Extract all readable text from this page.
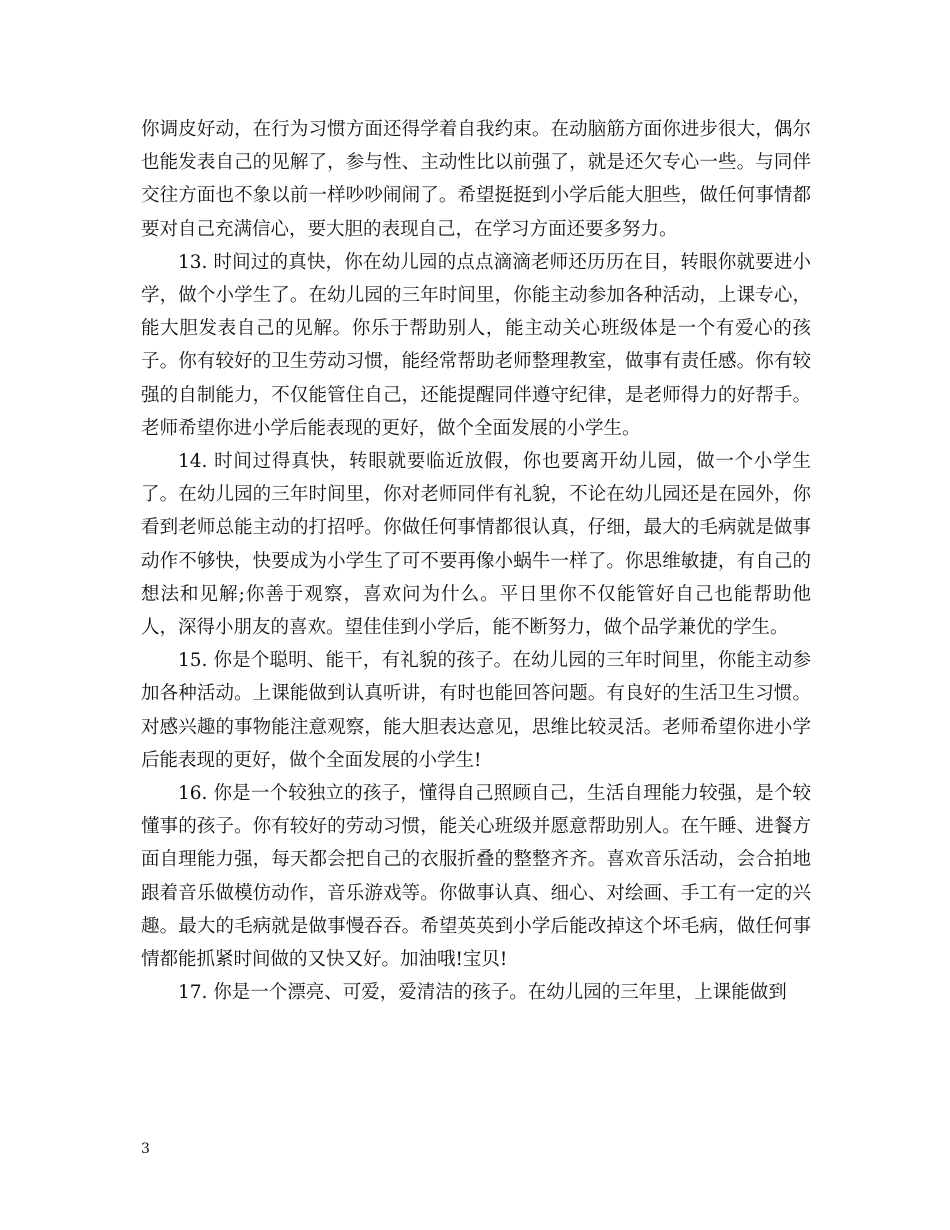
你调皮好动，在行为习惯方面还得学着自我约束。在动脑筋方面你进步很大，偶尔也能发表自己的见解了，参与性、主动性比以前强了，就是还欠专心一些。与同伴交往方面也不象以前一样吵吵闹闹了。希望挺挺到小学后能大胆些，做任何事情都要对自己充满信心，要大胆的表现自己，在学习方面还要多努力。

13. 时间过的真快，你在幼儿园的点点滴滴老师还历历在目，转眼你就要进小学，做个小学生了。在幼儿园的三年时间里，你能主动参加各种活动，上课专心，能大胆发表自己的见解。你乐于帮助别人，能主动关心班级体是一个有爱心的孩子。你有较好的卫生劳动习惯，能经常帮助老师整理教室，做事有责任感。你有较强的自制能力，不仅能管住自己，还能提醒同伴遵守纪律，是老师得力的好帮手。老师希望你进小学后能表现的更好，做个全面发展的小学生。

14. 时间过得真快，转眼就要临近放假，你也要离开幼儿园，做一个小学生了。在幼儿园的三年时间里，你对老师同伴有礼貌，不论在幼儿园还是在园外，你看到老师总能主动的打招呼。你做任何事情都很认真，仔细，最大的毛病就是做事动作不够快，快要成为小学生了可不要再像小蜗牛一样了。你思维敏捷，有自己的想法和见解;你善于观察，喜欢问为什么。平日里你不仅能管好自己也能帮助他人，深得小朋友的喜欢。望佳佳到小学后，能不断努力，做个品学兼优的学生。

15. 你是个聪明、能干，有礼貌的孩子。在幼儿园的三年时间里，你能主动参加各种活动。上课能做到认真听讲，有时也能回答问题。有良好的生活卫生习惯。对感兴趣的事物能注意观察，能大胆表达意见，思维比较灵活。老师希望你进小学后能表现的更好，做个全面发展的小学生!

16. 你是一个较独立的孩子，懂得自己照顾自己，生活自理能力较强，是个较懂事的孩子。你有较好的劳动习惯，能关心班级并愿意帮助别人。在午睡、进餐方面自理能力强，每天都会把自己的衣服折叠的整整齐齐。喜欢音乐活动，会合拍地跟着音乐做模仿动作，音乐游戏等。你做事认真、细心、对绘画、手工有一定的兴趣。最大的毛病就是做事慢吞吞。希望英英到小学后能改掉这个坏毛病，做任何事情都能抓紧时间做的又快又好。加油哦!宝贝!

17. 你是一个漂亮、可爱，爱清洁的孩子。在幼儿园的三年里，上课能做到

3
